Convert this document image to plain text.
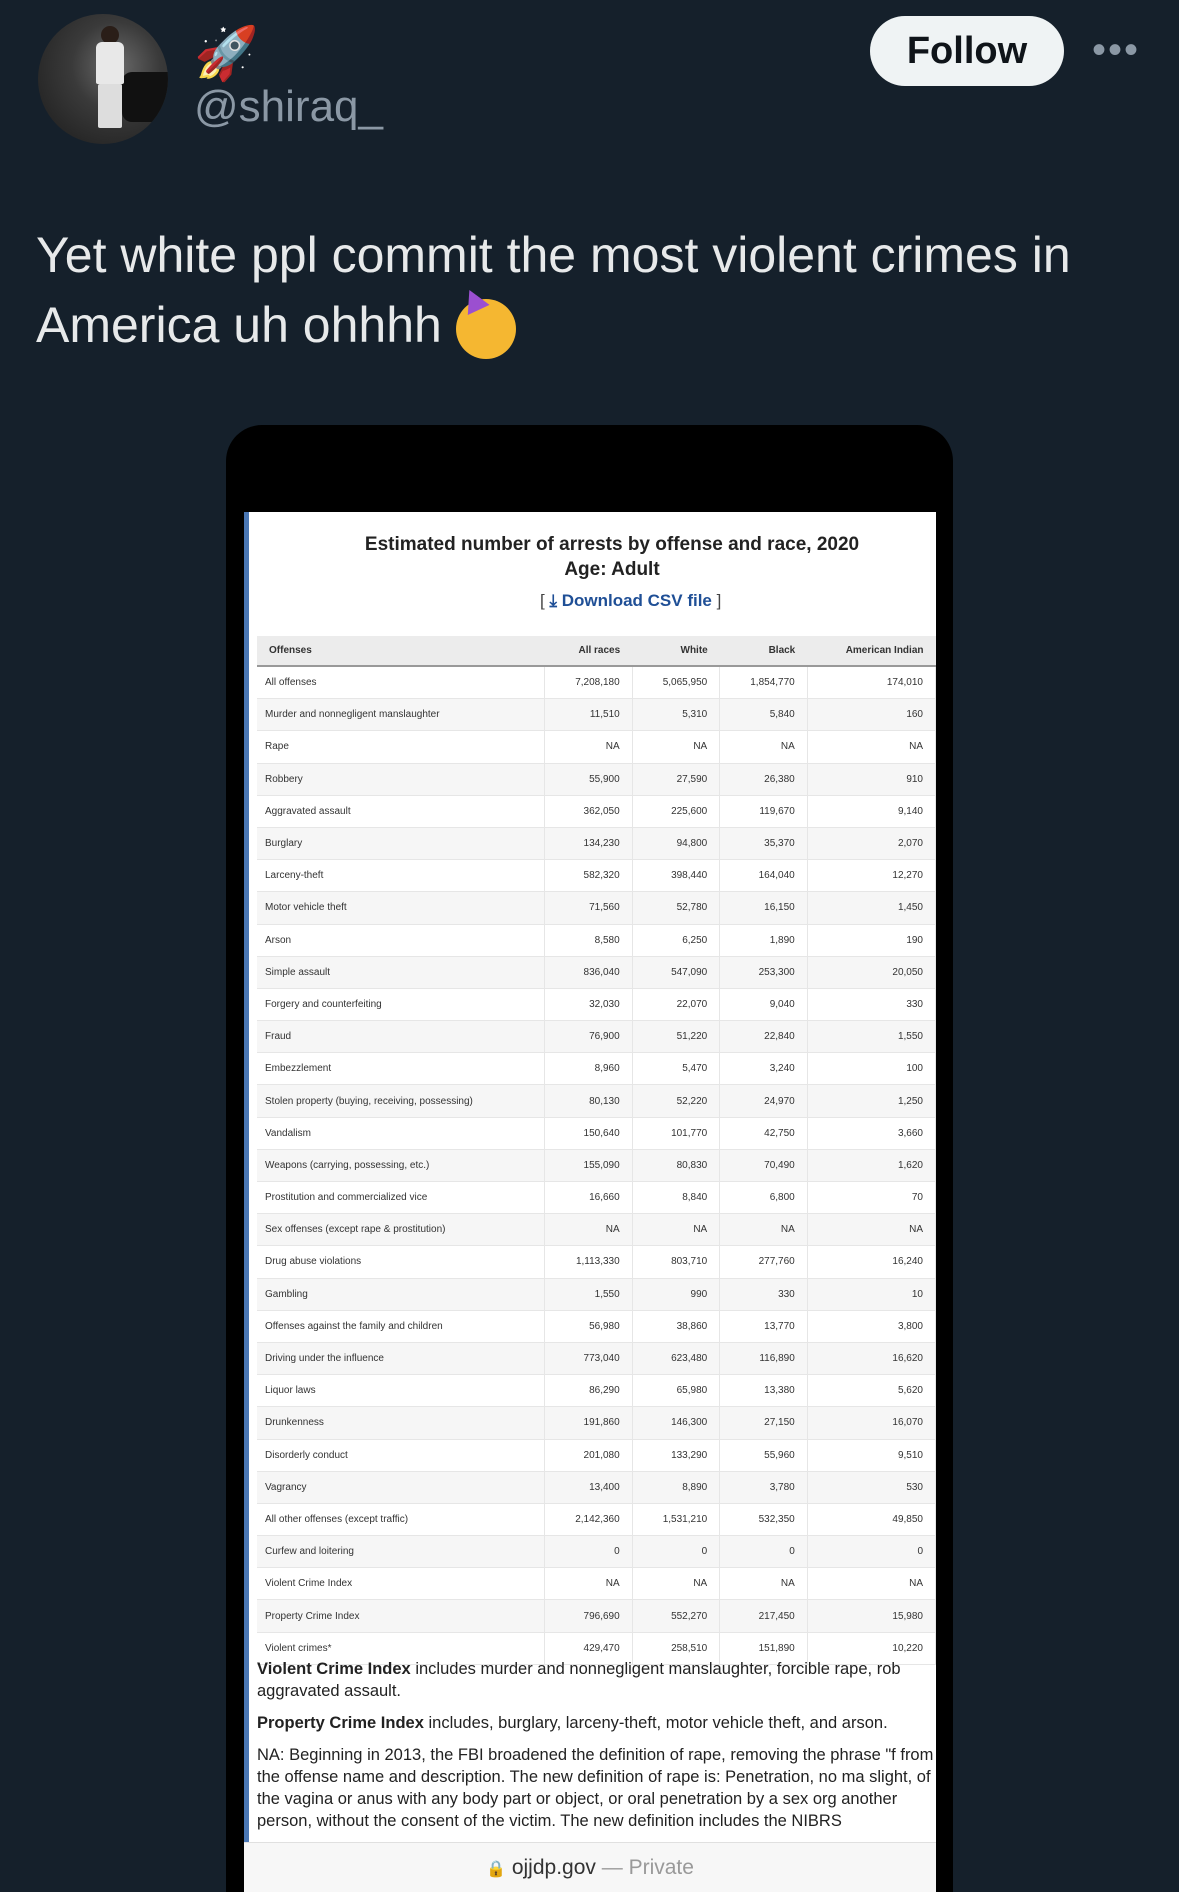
🚀
@shiraq_
Follow	•••
Yet white ppl commit the most violent crimes in America uh ohhhh
Estimated number of arrests by offense and race, 2020
Age: Adult
[ ⤓ Download CSV file ]
Offenses	All races	White	Black	American Indian
All offenses	7,208,180	5,065,950	1,854,770	174,010
Murder and nonnegligent manslaughter	11,510	5,310	5,840	160
Rape	NA	NA	NA	NA
Robbery	55,900	27,590	26,380	910
Aggravated assault	362,050	225,600	119,670	9,140
Burglary	134,230	94,800	35,370	2,070
Larceny-theft	582,320	398,440	164,040	12,270
Motor vehicle theft	71,560	52,780	16,150	1,450
Arson	8,580	6,250	1,890	190
Simple assault	836,040	547,090	253,300	20,050
Forgery and counterfeiting	32,030	22,070	9,040	330
Fraud	76,900	51,220	22,840	1,550
Embezzlement	8,960	5,470	3,240	100
Stolen property (buying, receiving, possessing)	80,130	52,220	24,970	1,250
Vandalism	150,640	101,770	42,750	3,660
Weapons (carrying, possessing, etc.)	155,090	80,830	70,490	1,620
Prostitution and commercialized vice	16,660	8,840	6,800	70
Sex offenses (except rape & prostitution)	NA	NA	NA	NA
Drug abuse violations	1,113,330	803,710	277,760	16,240
Gambling	1,550	990	330	10
Offenses against the family and children	56,980	38,860	13,770	3,800
Driving under the influence	773,040	623,480	116,890	16,620
Liquor laws	86,290	65,980	13,380	5,620
Drunkenness	191,860	146,300	27,150	16,070
Disorderly conduct	201,080	133,290	55,960	9,510
Vagrancy	13,400	8,890	3,780	530
All other offenses (except traffic)	2,142,360	1,531,210	532,350	49,850
Curfew and loitering	0	0	0	0
Violent Crime Index	NA	NA	NA	NA
Property Crime Index	796,690	552,270	217,450	15,980
Violent crimes*	429,470	258,510	151,890	10,220

Violent Crime Index includes murder and nonnegligent manslaughter, forcible rape, rob aggravated assault.

Property Crime Index includes, burglary, larceny-theft, motor vehicle theft, and arson.

NA: Beginning in 2013, the FBI broadened the definition of rape, removing the phrase "f from the offense name and description. The new definition of rape is: Penetration, no ma slight, of the vagina or anus with any body part or object, or oral penetration by a sex org another person, without the consent of the victim. The new definition includes the NIBRS

🔒 ojjdp.gov — Private
